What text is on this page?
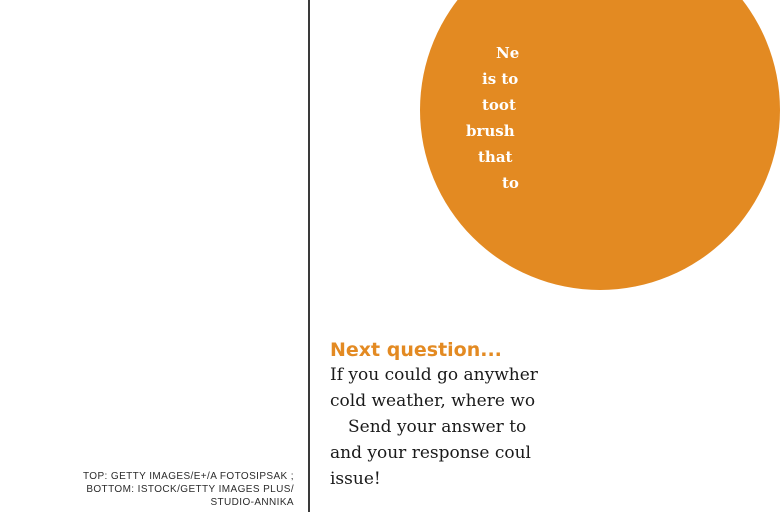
TOP: GETTY IMAGES/E+/A FOTOSIPSAK ;
BOTTOM: ISTOCK/GETTY IMAGES PLUS/
STUDIO-ANNIKA
Ne
is to
toot
brush
that
to
Next question...
If you could go anywher
cold weather, where wo
Send your answer to
and your response coul
issue!
